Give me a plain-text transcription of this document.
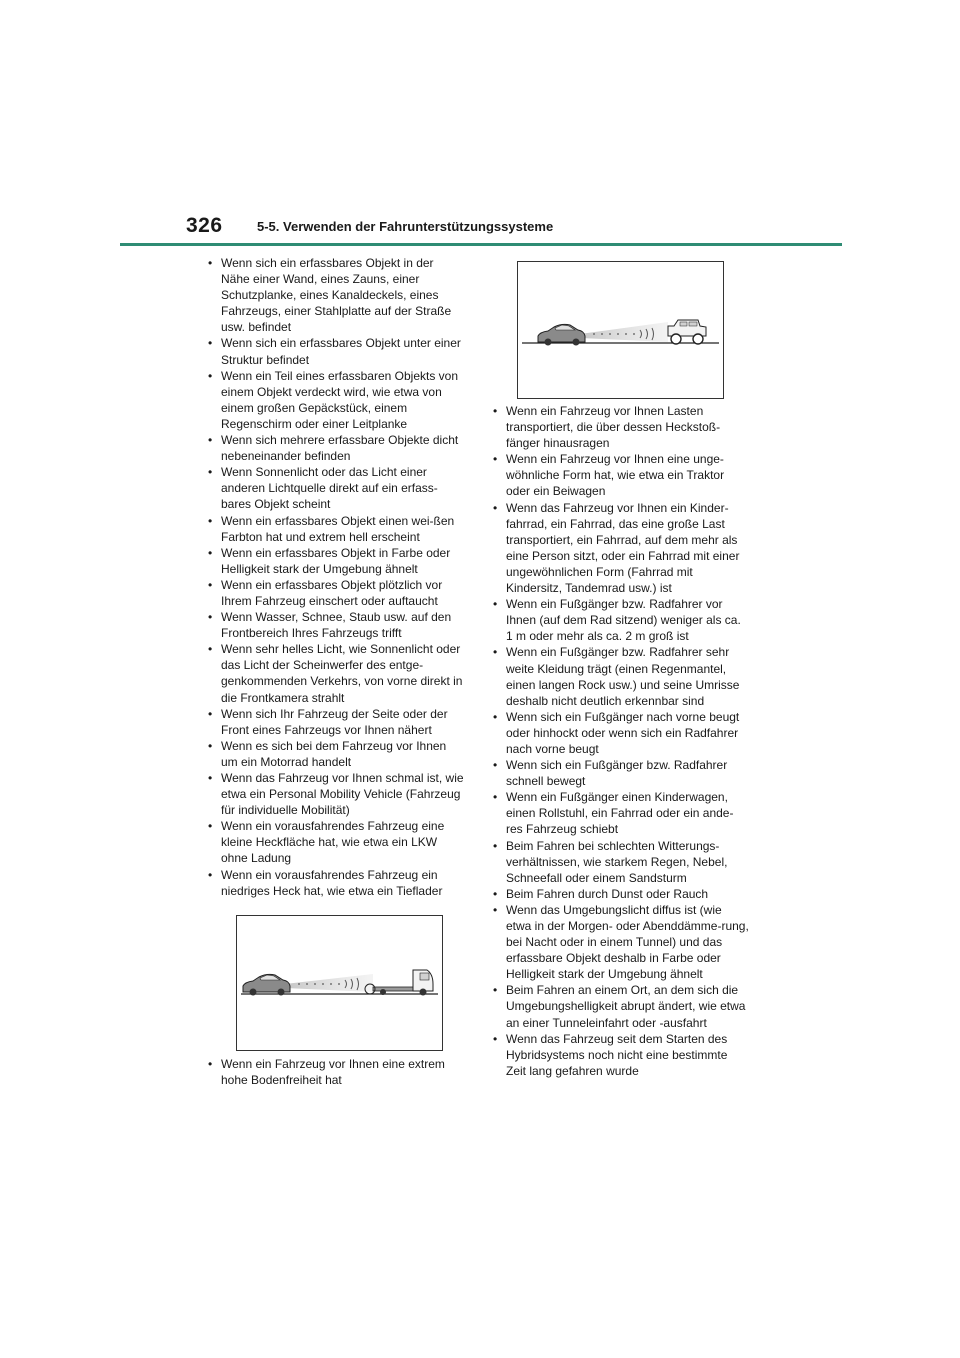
326	5-5. Verwenden der Fahrunterstützungssysteme
• Wenn sich ein erfassbares Objekt in der Nähe einer Wand, eines Zauns, einer Schutzplanke, eines Kanaldeckels, eines Fahrzeugs, einer Stahlplatte auf der Straße usw. befindet
• Wenn sich ein erfassbares Objekt unter einer Struktur befindet
• Wenn ein Teil eines erfassbaren Objekts von einem Objekt verdeckt wird, wie etwa von einem großen Gepäckstück, einem Regenschirm oder einer Leitplanke
• Wenn sich mehrere erfassbare Objekte dicht nebeneinander befinden
• Wenn Sonnenlicht oder das Licht einer anderen Lichtquelle direkt auf ein erfass-bares Objekt scheint
• Wenn ein erfassbares Objekt einen wei-ßen Farbton hat und extrem hell erscheint
• Wenn ein erfassbares Objekt in Farbe oder Helligkeit stark der Umgebung ähnelt
• Wenn ein erfassbares Objekt plötzlich vor Ihrem Fahrzeug einschert oder auftaucht
• Wenn Wasser, Schnee, Staub usw. auf den Frontbereich Ihres Fahrzeugs trifft
• Wenn sehr helles Licht, wie Sonnenlicht oder das Licht der Scheinwerfer des entge-genkommenden Verkehrs, von vorne direkt in die Frontkamera strahlt
• Wenn sich Ihr Fahrzeug der Seite oder der Front eines Fahrzeugs vor Ihnen nähert
• Wenn es sich bei dem Fahrzeug vor Ihnen um ein Motorrad handelt
• Wenn das Fahrzeug vor Ihnen schmal ist, wie etwa ein Personal Mobility Vehicle (Fahrzeug für individuelle Mobilität)
• Wenn ein vorausfahrendes Fahrzeug eine kleine Heckfläche hat, wie etwa ein LKW ohne Ladung
• Wenn ein vorausfahrendes Fahrzeug ein niedriges Heck hat, wie etwa ein Tieflader
• Wenn ein Fahrzeug vor Ihnen eine extrem hohe Bodenfreiheit hat
• Wenn ein Fahrzeug vor Ihnen Lasten transportiert, die über dessen Heckstoß-fänger hinausragen
• Wenn ein Fahrzeug vor Ihnen eine unge-wöhnliche Form hat, wie etwa ein Traktor oder ein Beiwagen
• Wenn das Fahrzeug vor Ihnen ein Kinder-fahrrad, ein Fahrrad, das eine große Last transportiert, ein Fahrrad, auf dem mehr als eine Person sitzt, oder ein Fahrrad mit einer ungewöhnlichen Form (Fahrrad mit Kindersitz, Tandemrad usw.) ist
• Wenn ein Fußgänger bzw. Radfahrer vor Ihnen (auf dem Rad sitzend) weniger als ca. 1 m oder mehr als ca. 2 m groß ist
• Wenn ein Fußgänger bzw. Radfahrer sehr weite Kleidung trägt (einen Regenmantel, einen langen Rock usw.) und seine Umrisse deshalb nicht deutlich erkennbar sind
• Wenn sich ein Fußgänger nach vorne beugt oder hinhockt oder wenn sich ein Radfahrer nach vorne beugt
• Wenn sich ein Fußgänger bzw. Radfahrer schnell bewegt
• Wenn ein Fußgänger einen Kinderwagen, einen Rollstuhl, ein Fahrrad oder ein ande-res Fahrzeug schiebt
• Beim Fahren bei schlechten Witterungs-verhältnissen, wie starkem Regen, Nebel, Schneefall oder einem Sandsturm
• Beim Fahren durch Dunst oder Rauch
• Wenn das Umgebungslicht diffus ist (wie etwa in der Morgen- oder Abenddämme-rung, bei Nacht oder in einem Tunnel) und das erfassbare Objekt deshalb in Farbe oder Helligkeit stark der Umgebung ähnelt
• Beim Fahren an einem Ort, an dem sich die Umgebungshelligkeit abrupt ändert, wie etwa an einer Tunneleinfahrt oder -ausfahrt
• Wenn das Fahrzeug seit dem Starten des Hybridsystems noch nicht eine bestimmte Zeit lang gefahren wurde
